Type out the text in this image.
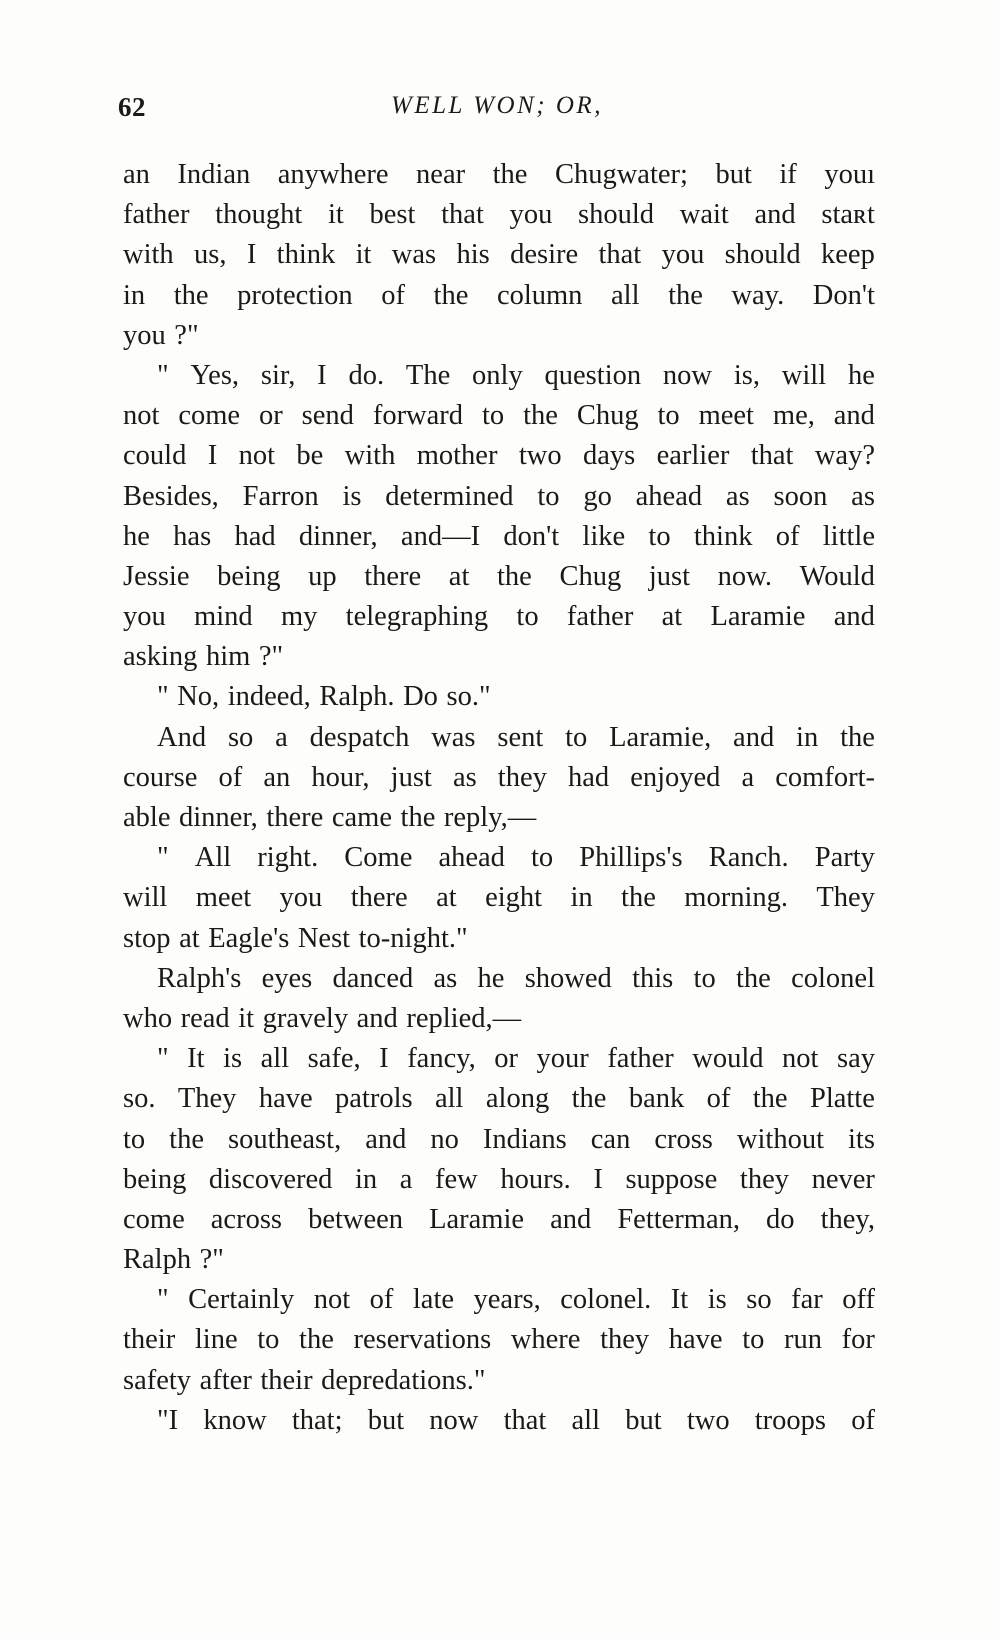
62	WELL WON; OR,
an Indian anywhere near the Chugwater; but if youı
father thought it best that you should wait and staʀt
with us, I think it was his desire that you should keep
in the protection of the column all the way. Don't
you ?"
" Yes, sir, I do. The only question now is, will he
not come or send forward to the Chug to meet me, and
could I not be with mother two days earlier that way?
Besides, Farron is determined to go ahead as soon as
he has had dinner, and—I don't like to think of little
Jessie being up there at the Chug just now. Would
you mind my telegraphing to father at Laramie and
asking him ?"
" No, indeed, Ralph. Do so."
And so a despatch was sent to Laramie, and in the
course of an hour, just as they had enjoyed a comfort-
able dinner, there came the reply,—
" All right. Come ahead to Phillips's Ranch. Party
will meet you there at eight in the morning. They
stop at Eagle's Nest to-night."
Ralph's eyes danced as he showed this to the colonel
who read it gravely and replied,—
" It is all safe, I fancy, or your father would not say
so. They have patrols all along the bank of the Platte
to the southeast, and no Indians can cross without its
being discovered in a few hours. I suppose they never
come across between Laramie and Fetterman, do they,
Ralph ?"
" Certainly not of late years, colonel. It is so far off
their line to the reservations where they have to run for
safety after their depredations."
"I know that; but now that all but two troops of
